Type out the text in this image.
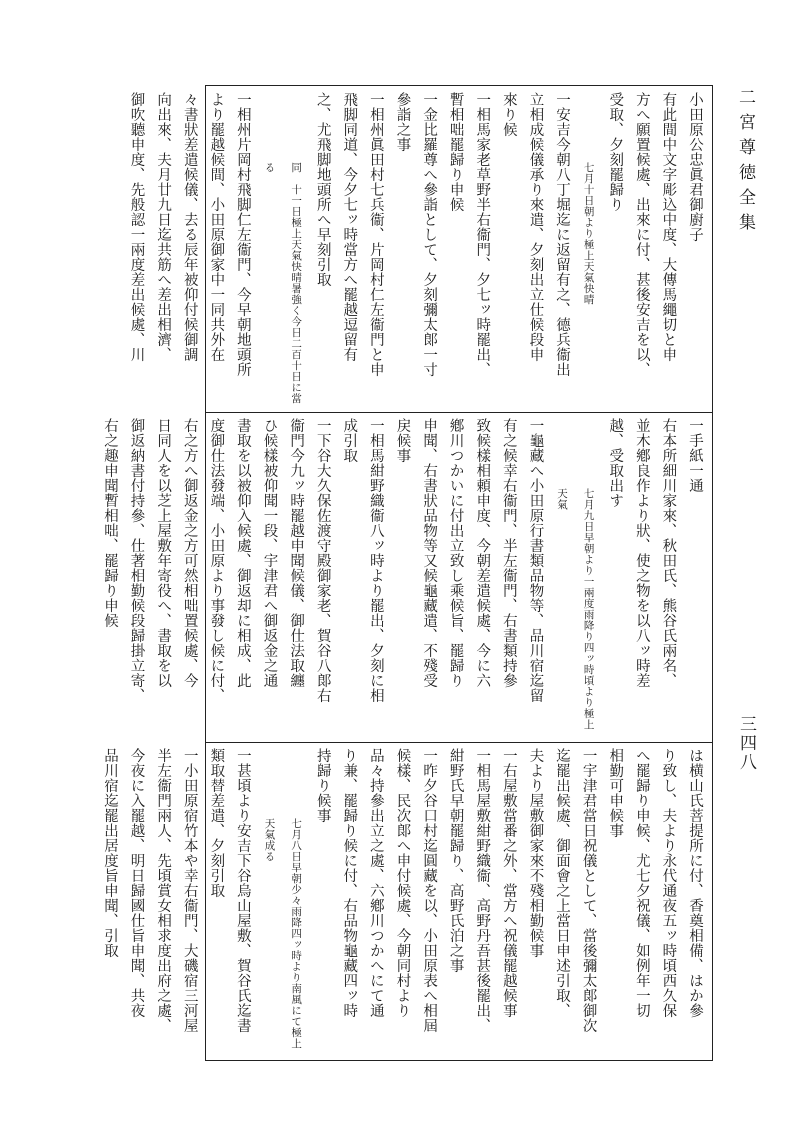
二宮尊徳全集
三四八

小田原公忠眞君御廚子

有此間中文字彫込中度、大傳馬繩切と申

方へ願置候處、出來に付、甚後安吉を以、

受取、夕刻罷歸り

七月十日朝より極上天氣快晴

一安吉今朝八丁堀迄に返留有之、德兵衞出

立相成候儀承り來遣、夕刻出立仕候段申

來り候

一相馬家老草野半右衞門、夕七ッ時罷出、

暫相咄罷歸り申候

一金比羅尊へ參詣として、夕刻彌太郞一寸

參詣之事

一相州眞田村七兵衞、片岡村仁左衞門と申

飛脚同道、今夕七ッ時當方へ罷越逗留有

之、尤飛脚地頭所へ早刻引取

同　十一日極上天氣快晴暑強く今日二百十日に當る

一相州片岡村飛脚仁左衞門、今早朝地頭所

より罷越候間、小田原御家中一同共外在

々書狀差遣候儀、去る辰年被仰付候御調

向出來、夫月廿九日迄共筋へ差出相濟、

御吹聽申度、先般認一兩度差出候處、川

一手紙一通

右本所細川家來、秋田氏、熊谷氏兩名、

並木鄕良作より狀、使之物を以八ッ時差

越、受取出す

七月九日早朝より一兩度雨降り四ッ時頃より極上天氣

一龜藏へ小田原行書類品物等、品川宿迄留

有之候幸右衞門、半左衞門、右書類持參

致候樣相頼申度、今朝差遣候處、今に六

鄕川つかいに付出立致し乘候旨、罷歸り

申聞、右書狀品物等又候龜藏遣、不殘受

戻候事

一相馬紺野織衞八ッ時より罷出、夕刻に相

成引取

一下谷大久保佐渡守殿御家老、賀谷八郞右

衞門今九ッ時罷越申聞候儀、御仕法取纏

ひ候樣被仰聞一段、宇津君へ御返金之通

書取を以被仰入候處、御返却に相成、此

度御仕法發端、小田原より事發し候に付、

右之方へ御返金之方可然相咄置候處、今

日同人を以芝上屋敷年寄役へ、書取を以

御返納書付持參、仕著相勤候段歸掛立寄、

右之趣申聞暫相咄、罷歸り申候

は横山氏菩提所に付、香奠相備、はか參

り致し、夫より永代通夜五ッ時頃西久保

へ罷歸り申候、尤七夕祝儀、如例年一切

相勤可申候事

一宇津君當日祝儀として、當後彌太郞御次

迄罷出候處、御面會之上當日申述引取、

夫より屋敷御家來不殘相勤候事

一右屋敷當番之外、當方へ祝儀罷越候事

一相馬屋敷紺野織衞、高野丹吾甚後罷出、

紺野氏早朝罷歸り、高野氏泊之事

一昨夕谷口村迄圓藏を以、小田原表へ相屆

候樣、民次郞へ申付候處、今朝同村より

品々持參出立之處、六鄕川つかへにて通

り兼、罷歸り候に付、右品物龜藏四ッ時

持歸り候事

七月八日早朝少々雨降四ッ時より南風にて極上天氣成る

一甚頃より安吉下谷烏山屋敷、賀谷氏迄書

類取替差遣、夕刻引取

一小田原宿竹本や幸右衞門、大磯宿三河屋

半左衞門兩人、先頃賞女相求度出府之處、

今夜に入罷越、明日歸國仕旨申聞、共夜

品川宿迄罷出居度旨申聞、引取
